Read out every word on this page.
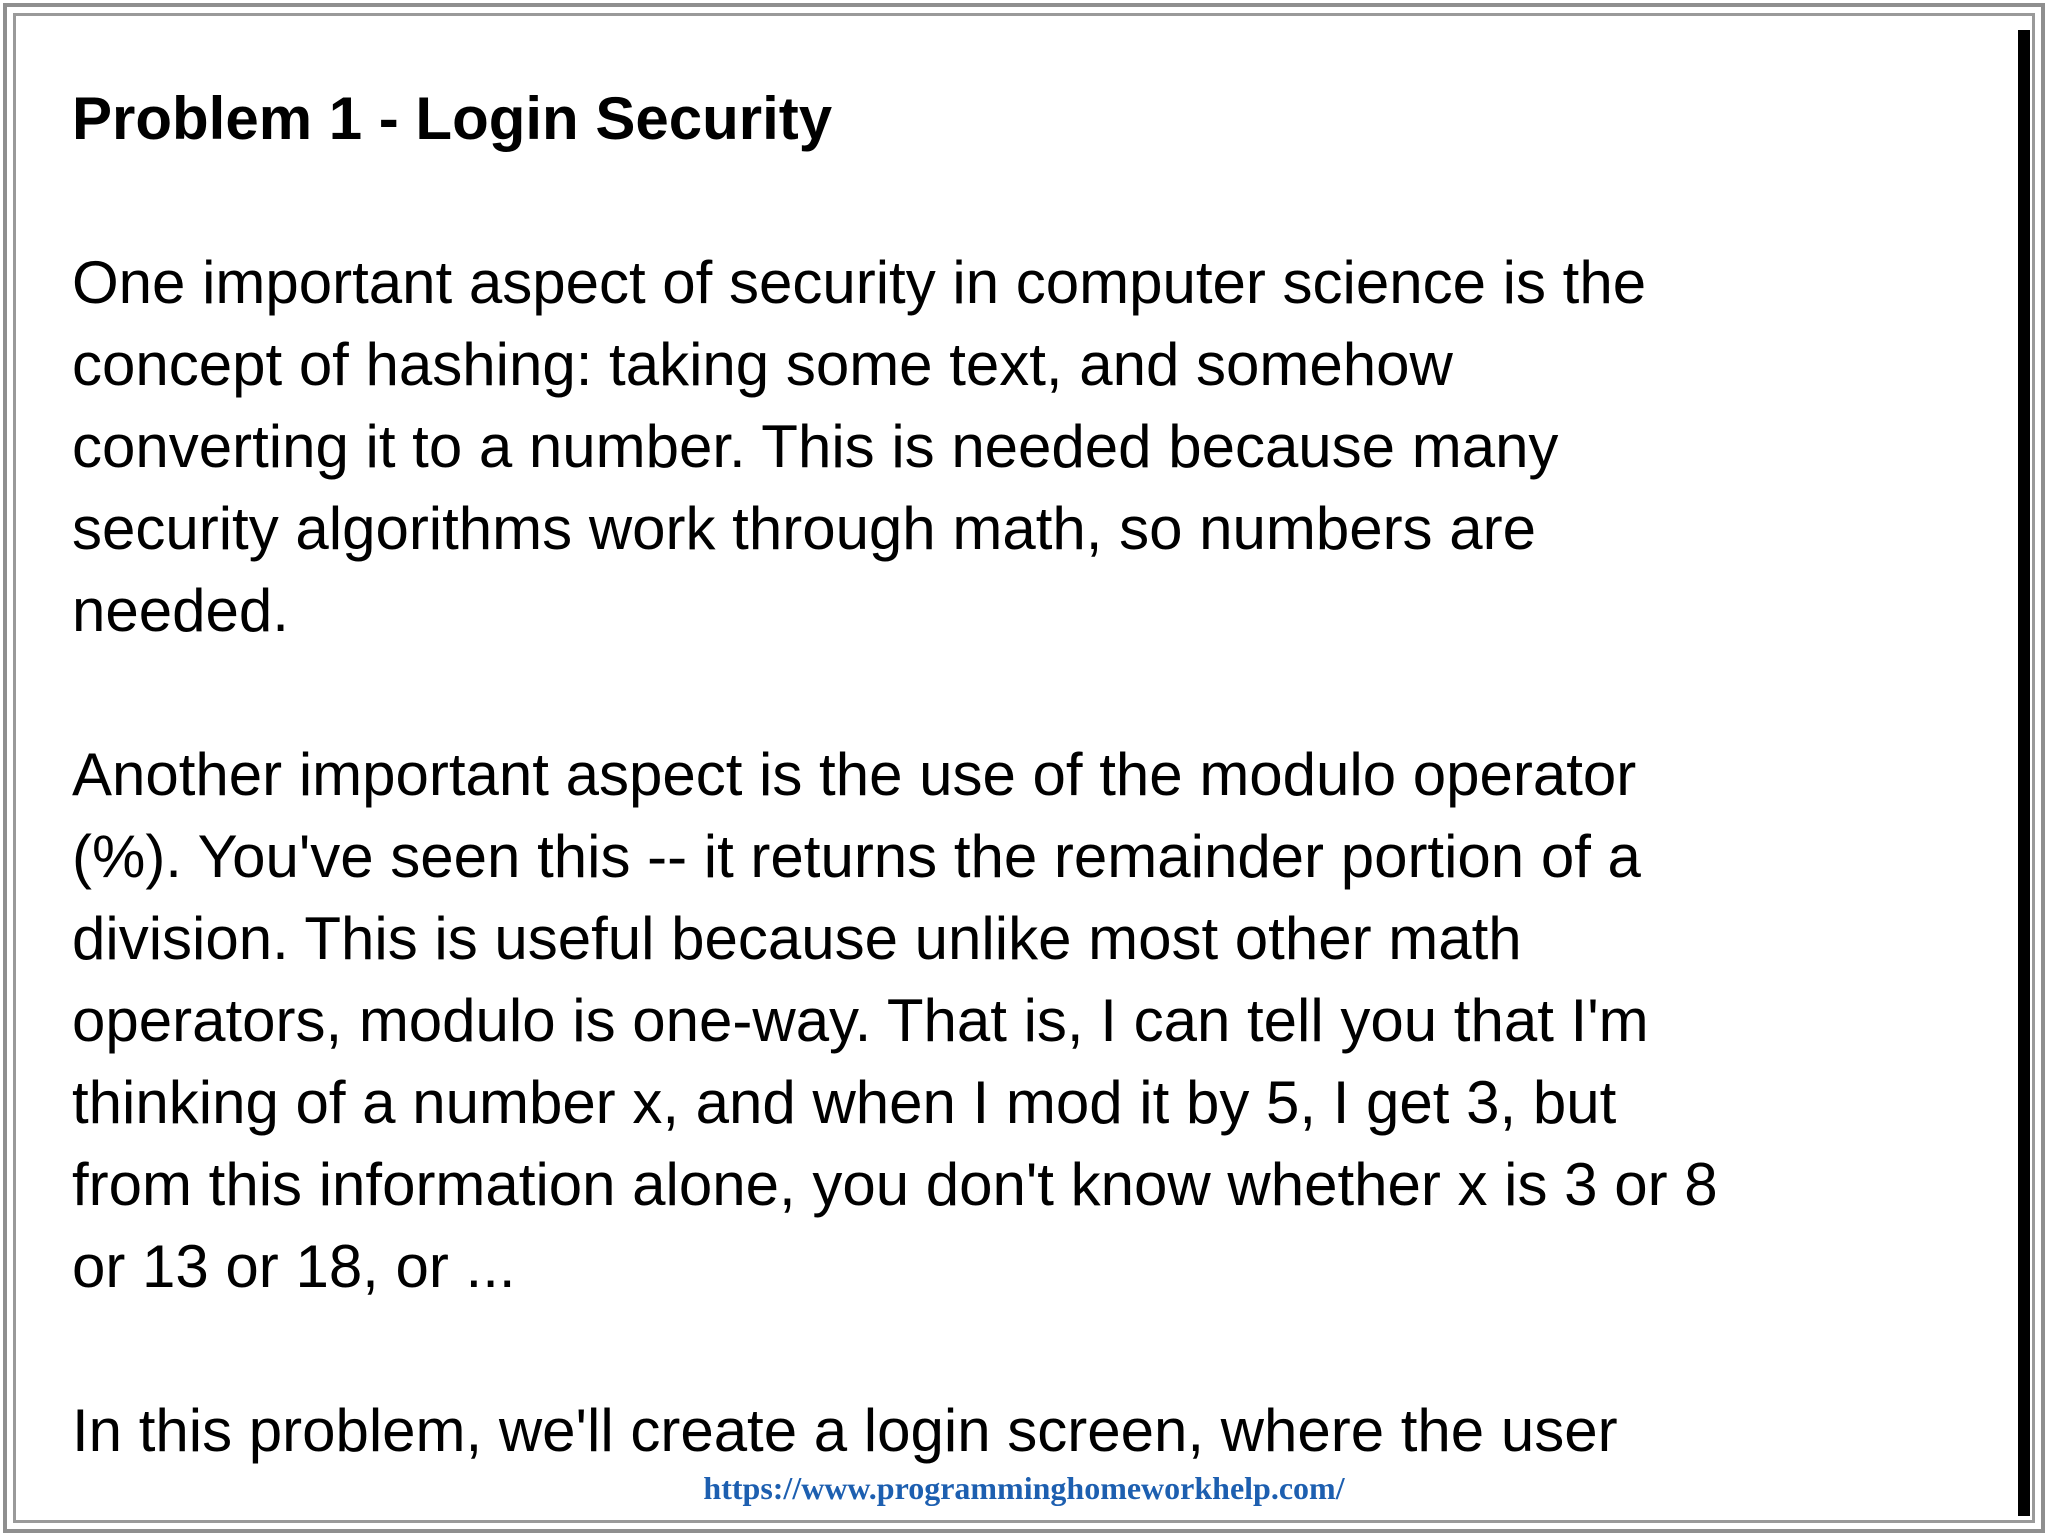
Problem 1 - Login Security
One important aspect of security in computer science is the
concept of hashing: taking some text, and somehow
converting it to a number. This is needed because many
security algorithms work through math, so numbers are
needed.
Another important aspect is the use of the modulo operator
(%). You've seen this -- it returns the remainder portion of a
division. This is useful because unlike most other math
operators, modulo is one-way. That is, I can tell you that I'm
thinking of a number x, and when I mod it by 5, I get 3, but
from this information alone, you don't know whether x is 3 or 8
or 13 or 18, or ...
In this problem, we'll create a login screen, where the user
https://www.programminghomeworkhelp.com/
